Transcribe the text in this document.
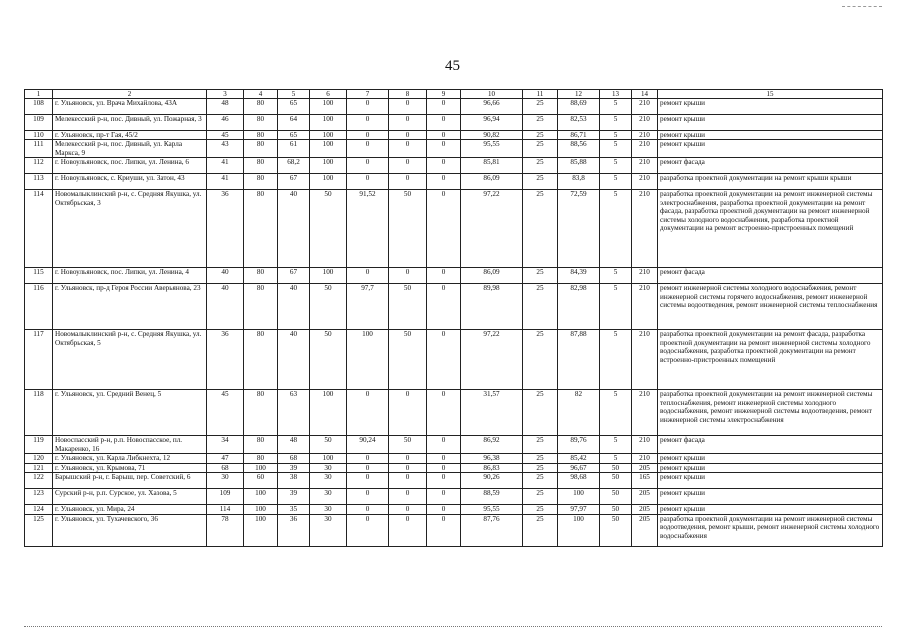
45
1	2	3	4	5	6	7	8	9	10	11	12	13	14	15
108	г. Ульяновск, ул. Врача Михайлова, 43А	48	80	65	100	0	0	0	96,66	25	88,69	5	210	ремонт крыши
109	Мелекесский р-н, пос. Дивный, ул. Пожарная, 3	46	80	64	100	0	0	0	96,94	25	82,53	5	210	ремонт крыши
110	г. Ульяновск, пр-т Гая, 45/2	45	80	65	100	0	0	0	90,82	25	86,71	5	210	ремонт крыши
111	Мелекесский р-н, пос. Дивный, ул. Карла Маркса, 9	43	80	61	100	0	0	0	95,55	25	88,56	5	210	ремонт крыши
112	г. Новоульяновск, пос. Липки, ул. Ленина, 6	41	80	68,2	100	0	0	0	85,81	25	85,88	5	210	ремонт фасада
113	г. Новоульяновск, с. Криуши, ул. Затон, 43	41	80	67	100	0	0	0	86,09	25	83,8	5	210	разработка проектной документации на ремонт крыши крыши
114	Новомалыклинский р-н, с. Средняя Якушка, ул. Октябрьская, 3	36	80	40	50	91,52	50	0	97,22	25	72,59	5	210	разработка проектной документации на ремонт инженерной системы электроснабжения, разработка проектной документации на ремонт фасада, разработка проектной документации на ремонт инженерной системы холодного водоснабжения, разработка проектной документации на ремонт встроенно-пристроенных помещений
115	г. Новоульяновск, пос. Липки, ул. Ленина, 4	40	80	67	100	0	0	0	86,09	25	84,39	5	210	ремонт фасада
116	г. Ульяновск, пр-д Героя России Аверьянова, 23	40	80	40	50	97,7	50	0	89,98	25	82,98	5	210	ремонт инженерной системы холодного водоснабжения, ремонт инженерной системы горячего водоснабжения, ремонт инженерной системы водоотведения, ремонт инженерной системы теплоснабжения
117	Новомалыклинский р-н, с. Средняя Якушка, ул. Октябрьская, 5	36	80	40	50	100	50	0	97,22	25	87,88	5	210	разработка проектной документации на ремонт фасада, разработка проектной документации на ремонт инженерной системы холодного водоснабжения, разработка проектной документации на ремонт встроенно-пристроенных помещений
118	г. Ульяновск, ул. Средний Венец, 5	45	80	63	100	0	0	0	31,57	25	82	5	210	разработка проектной документации на ремонт инженерной системы теплоснабжения, ремонт инженерной системы холодного водоснабжения, ремонт инженерной системы водоотведения, ремонт инженерной системы электроснабжения
119	Новоспасский р-н, р.п. Новоспасское, пл. Макаренко, 16	34	80	48	50	90,24	50	0	86,92	25	89,76	5	210	ремонт фасада
120	г. Ульяновск, ул. Карла Либкнехта, 12	47	80	68	100	0	0	0	96,38	25	85,42	5	210	ремонт крыши
121	г. Ульяновск, ул. Крымова, 71	68	100	39	30	0	0	0	86,83	25	96,67	50	205	ремонт крыши
122	Барышский р-н, г. Барыш, пер. Советский, 6	30	60	38	30	0	0	0	90,26	25	98,68	50	165	ремонт крыши
123	Сурский р-н, р.п. Сурское, ул. Хазова, 5	109	100	39	30	0	0	0	88,59	25	100	50	205	ремонт крыши
124	г. Ульяновск, ул. Мира, 24	114	100	35	30	0	0	0	95,55	25	97,97	50	205	ремонт крыши
125	г. Ульяновск, ул. Тухачевского, 36	78	100	36	30	0	0	0	87,76	25	100	50	205	разработка проектной документации на ремонт инженерной системы водоотведения, ремонт крыши, ремонт инженерной системы холодного водоснабжения
